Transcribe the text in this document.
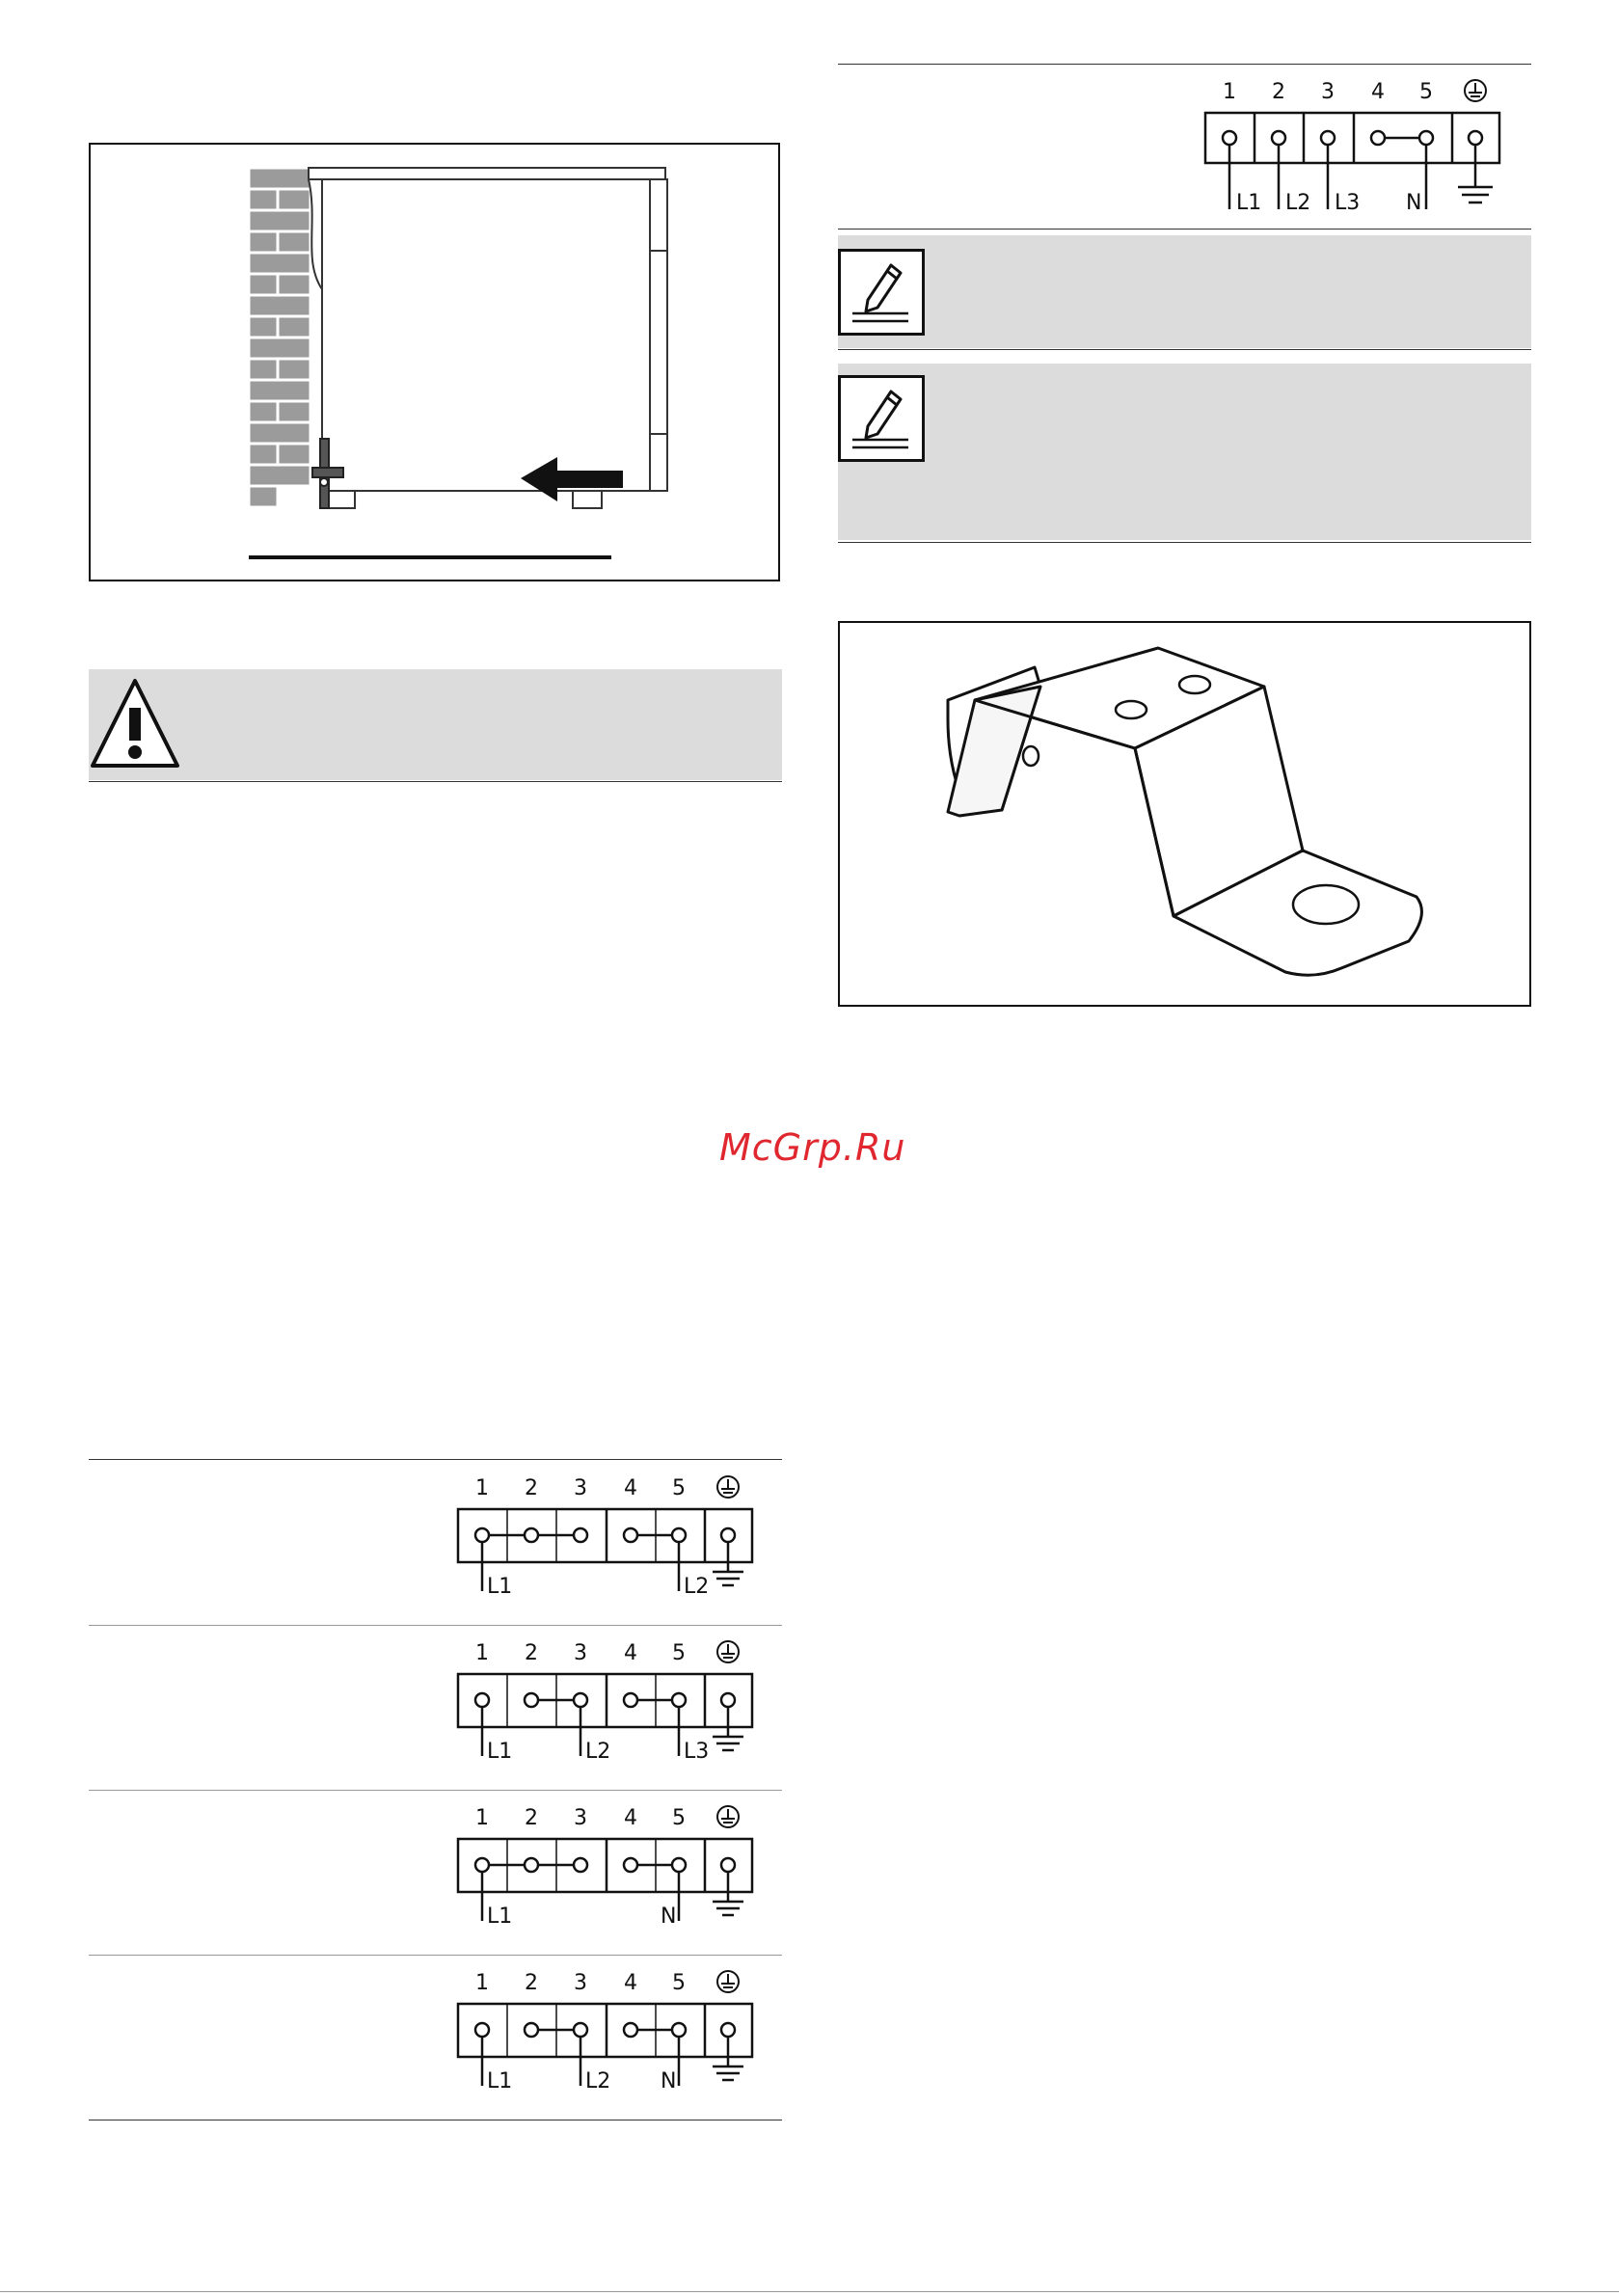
1 2 3 4 5
L1	L2
1 2 3 4 5
L1	L2	L3
1 2 3 4 5
L1	N
1 2 3 4 5
L1	L2 N
1 2 3 4 5
L1 L2 L3 N
McGrp.Ru
